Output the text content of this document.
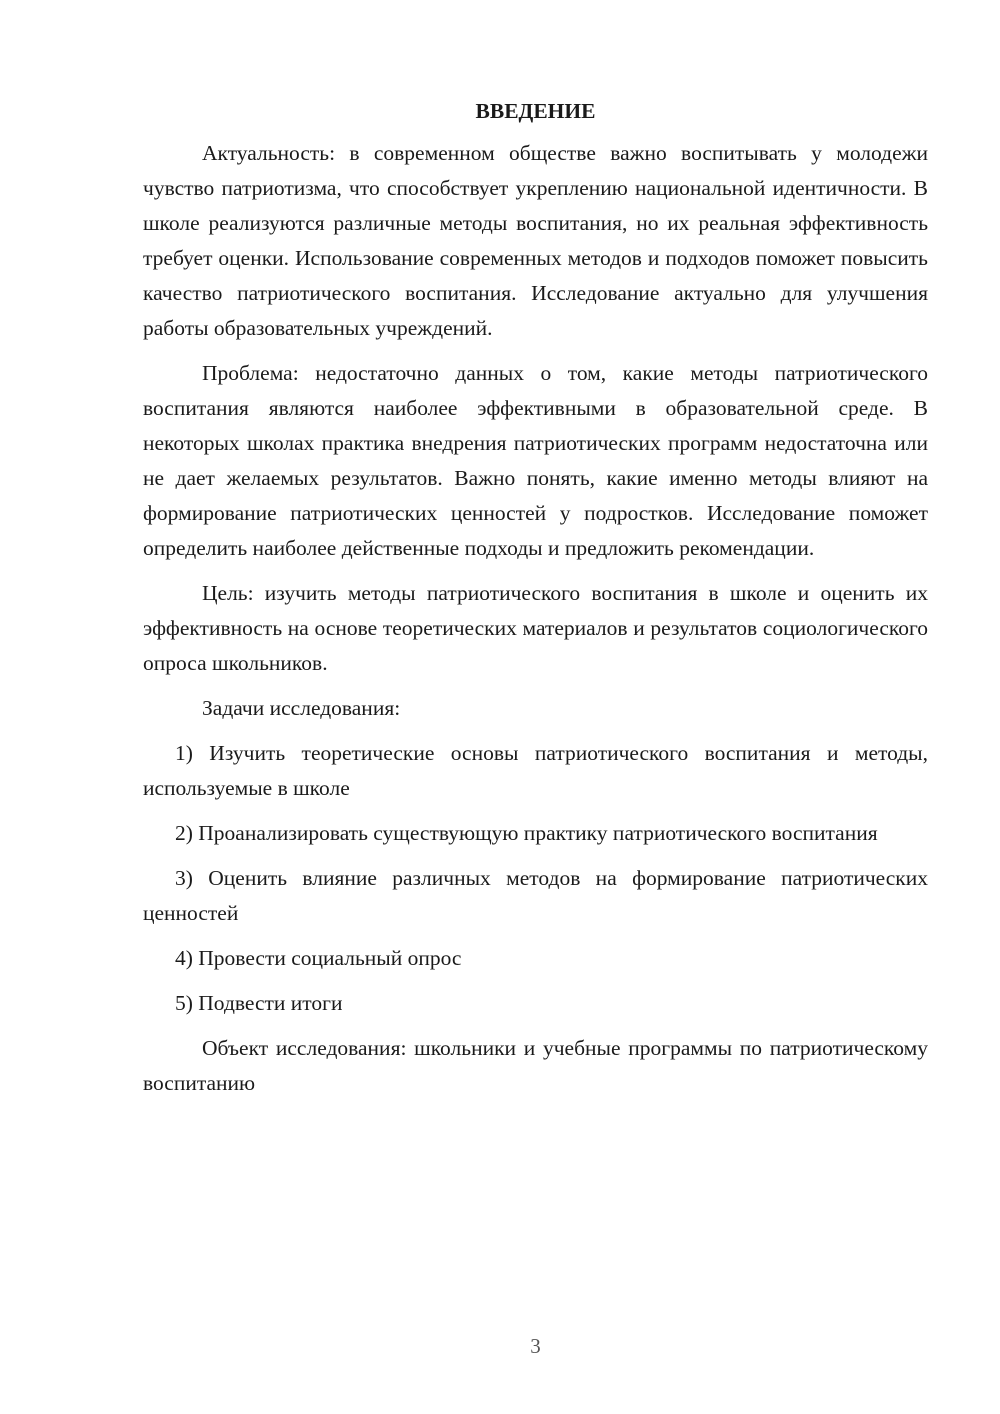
ВВЕДЕНИЕ

Актуальность: в современном обществе важно воспитывать у молодежи чувство патриотизма, что способствует укреплению национальной идентичности. В школе реализуются различные методы воспитания, но их реальная эффективность требует оценки. Использование современных методов и подходов поможет повысить качество патриотического воспитания. Исследование актуально для улучшения работы образовательных учреждений.

Проблема: недостаточно данных о том, какие методы патриотического воспитания являются наиболее эффективными в образовательной среде. В некоторых школах практика внедрения патриотических программ недостаточна или не дает желаемых результатов. Важно понять, какие именно методы влияют на формирование патриотических ценностей у подростков. Исследование поможет определить наиболее действенные подходы и предложить рекомендации.

Цель: изучить методы патриотического воспитания в школе и оценить их эффективность на основе теоретических материалов и результатов социологического опроса школьников.

Задачи исследования:

1) Изучить теоретические основы патриотического воспитания и методы, используемые в школе

2) Проанализировать существующую практику патриотического воспитания

3) Оценить влияние различных методов на формирование патриотических ценностей

4) Провести социальный опрос

5) Подвести итоги

Объект исследования: школьники и учебные программы по патриотическому воспитанию

3
